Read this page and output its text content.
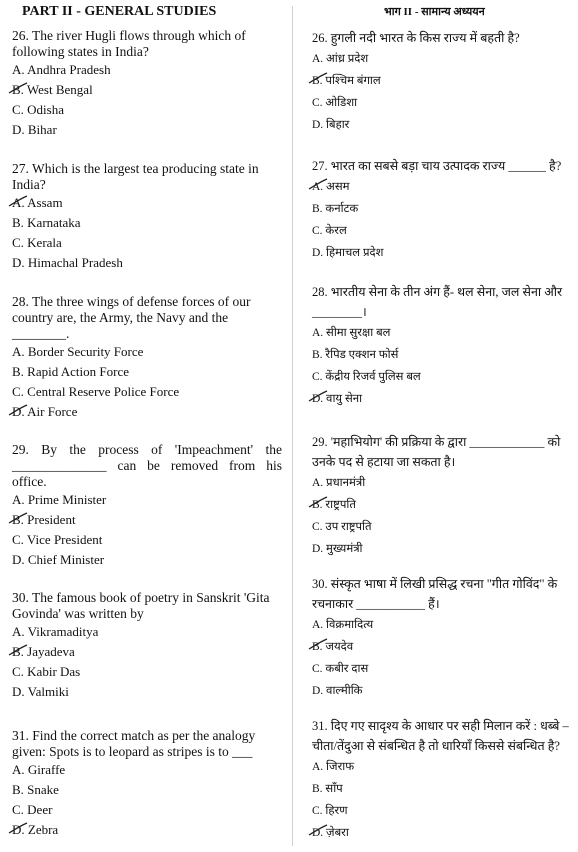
PART II - GENERAL STUDIES

26. The river Hugli flows through which of following states in India?

A. Andhra Pradesh

B. West Bengal

C. Odisha

D. Bihar

27. Which is the largest tea producing state in India?

A. Assam

B. Karnataka

C. Kerala

D. Himachal Pradesh

28. The three wings of defense forces of our country are, the Army, the Navy and the ________.

A. Border Security Force

B. Rapid Action Force

C. Central Reserve Police Force

D. Air Force

29. By the process of 'Impeachment' the ______________ can be removed from his office.

A. Prime Minister

B. President

C. Vice President

D. Chief Minister

30. The famous book of poetry in Sanskrit 'Gita Govinda' was written by

A. Vikramaditya

B. Jayadeva

C. Kabir Das

D. Valmiki

31. Find the correct match as per the analogy given: Spots is to leopard as stripes is to ___

A. Giraffe

B. Snake

C. Deer

D. Zebra

भाग II - सामान्य अध्ययन

26. हुगली नदी भारत के किस राज्य में बहती है?

A. आंध्र प्रदेश

B. पश्चिम बंगाल

C. ओडिशा

D. बिहार

27. भारत का सबसे बड़ा चाय उत्पादक राज्य ______ है?

A. असम

B. कर्नाटक

C. केरल

D. हिमाचल प्रदेश

28. भारतीय सेना के तीन अंग हैं- थल सेना, जल सेना और ________।

A. सीमा सुरक्षा बल

B. रैपिड एक्शन फोर्स

C. केंद्रीय रिजर्व पुलिस बल

D. वायु सेना

29. 'महाभियोग' की प्रक्रिया के द्वारा ____________ को उनके पद से हटाया जा सकता है।

A. प्रधानमंत्री

B. राष्ट्रपति

C. उप राष्ट्रपति

D. मुख्यमंत्री

30. संस्कृत भाषा में लिखी प्रसिद्ध रचना "गीत गोविंद" के रचनाकार ___________ हैं।

A. विक्रमादित्य

B. जयदेव

C. कबीर दास

D. वाल्मीकि

31. दिए गए सादृश्य के आधार पर सही मिलान करें : धब्बे – चीता/तेंदुआ से संबन्धित है तो धारियाँ किससे संबन्धित है?

A. जिराफ

B. साँप

C. हिरण

D. ज़ेबरा
